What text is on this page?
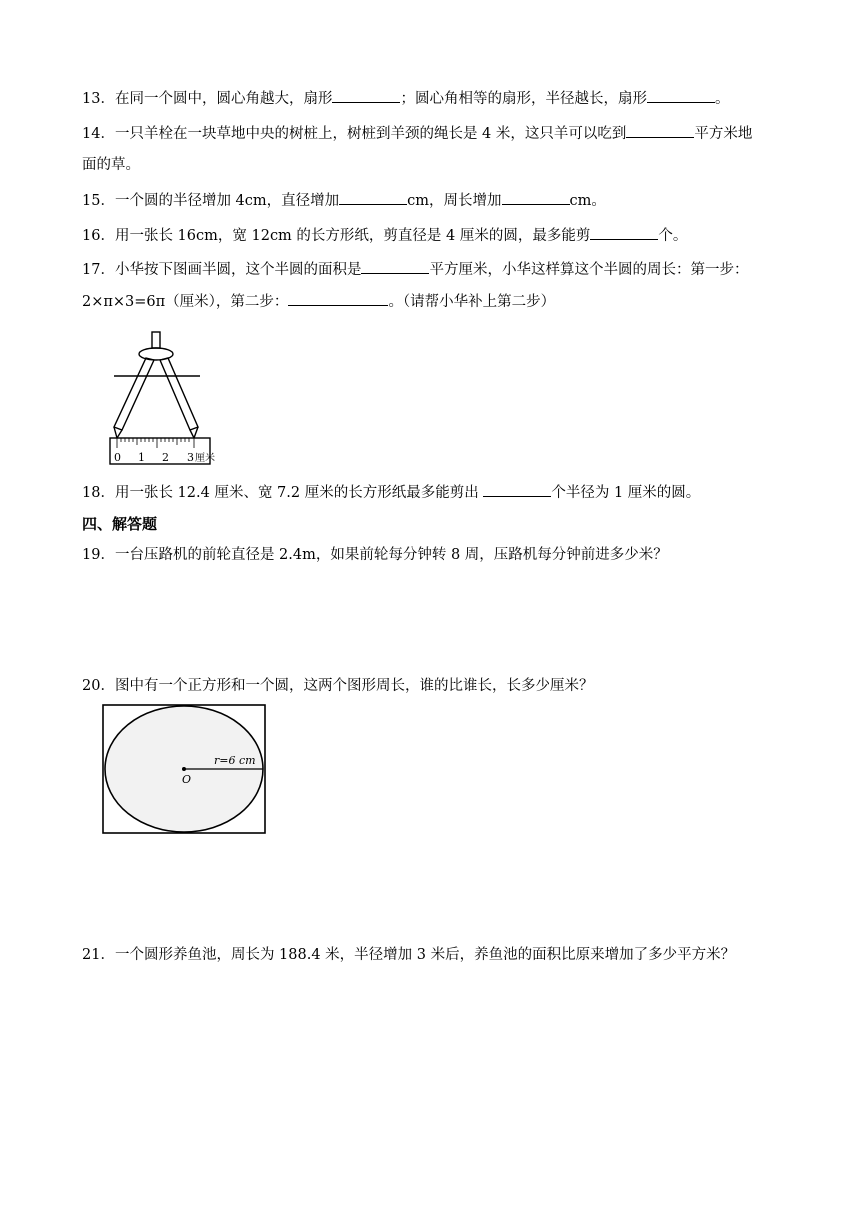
13．在同一个圆中，圆心角越大，扇形	；圆心角相等的扇形，半径越长，扇形	。
14．一只羊栓在一块草地中央的树桩上，树桩到羊颈的绳长是 4 米，这只羊可以吃到	平方米地
面的草。
15．一个圆的半径增加 4cm，直径增加	cm，周长增加	cm。
16．用一张长 16cm，宽 12cm 的长方形纸，剪直径是 4 厘米的圆，最多能剪	个。
17．小华按下图画半圆，这个半圆的面积是	平方厘米，小华这样算这个半圆的周长：第一步：
2×π×3=6π（厘米），第二步：	。（请帮小华补上第二步）
0 1 2 3 厘米
18．用一张长 12.4 厘米、宽 7.2 厘米的长方形纸最多能剪出	个半径为 1 厘米的圆。
四、解答题
19．一台压路机的前轮直径是 2.4m，如果前轮每分钟转 8 周，压路机每分钟前进多少米？
20．图中有一个正方形和一个圆，这两个图形周长，谁的比谁长，长多少厘米？
r=6 cm
O
21．一个圆形养鱼池，周长为 188.4 米，半径增加 3 米后，养鱼池的面积比原来增加了多少平方米？
